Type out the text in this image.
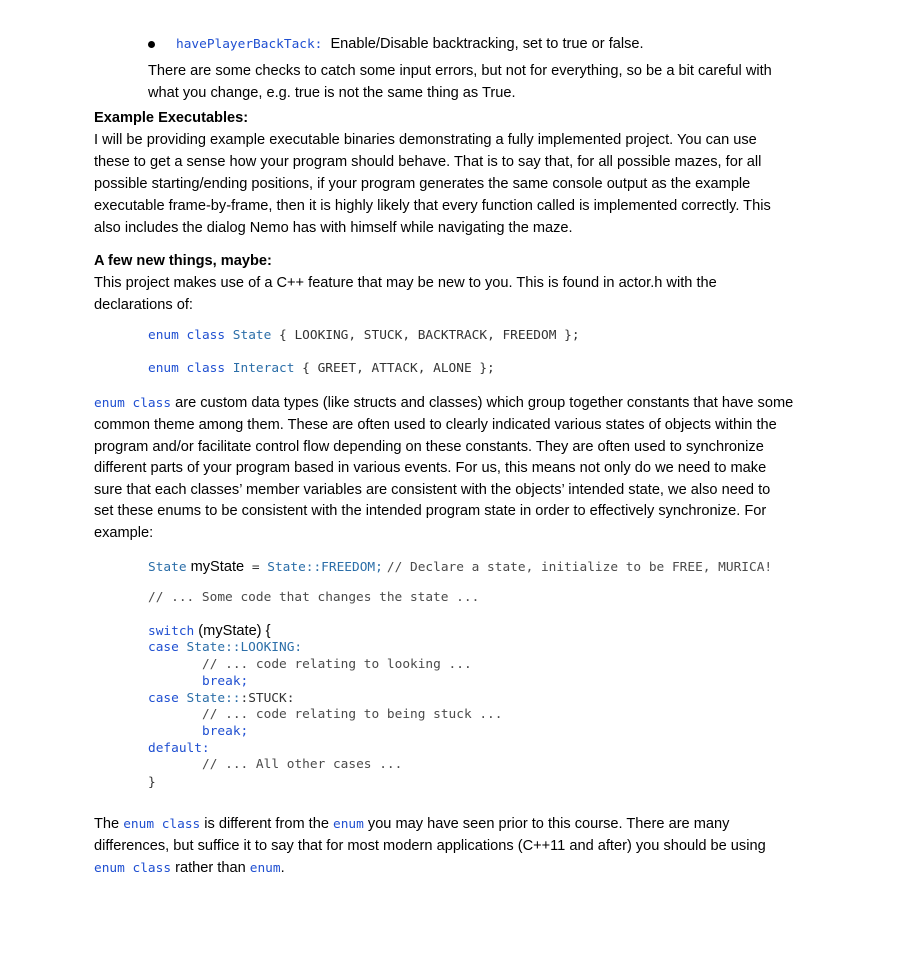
havePlayerBackTack: Enable/Disable backtracking, set to true or false.
There are some checks to catch some input errors, but not for everything, so be a bit careful with
what you change, e.g. true is not the same thing as True.
Example Executables:
I will be providing example executable binaries demonstrating a fully implemented project. You can use
these to get a sense how your program should behave. That is to say that, for all possible mazes, for all
possible starting/ending positions, if your program generates the same console output as the example
executable frame-by-frame, then it is highly likely that every function called is implemented correctly. This
also includes the dialog Nemo has with himself while navigating the maze.
A few new things, maybe:
This project makes use of a C++ feature that may be new to you. This is found in actor.h with the
declarations of:
enum class State { LOOKING, STUCK, BACKTRACK, FREEDOM };
enum class Interact { GREET, ATTACK, ALONE };
enum class are custom data types (like structs and classes) which group together constants that have some
common theme among them. These are often used to clearly indicated various states of objects within the
program and/or facilitate control flow depending on these constants. They are often used to synchronize
different parts of your program based in various events. For us, this means not only do we need to make
sure that each classes’ member variables are consistent with the objects’ intended state, we also need to
set these enums to be consistent with the intended program state in order to effectively synchronize. For
example:
State myState = State::FREEDOM; // Declare a state, initialize to be FREE, MURICA!
// ... Some code that changes the state ...
switch (myState) {
case State::LOOKING:
// ... code relating to looking ...
break;
case State:::STUCK:
// ... code relating to being stuck ...
break;
default:
// ... All other cases ...
}
The enum class is different from the enum you may have seen prior to this course. There are many
differences, but suffice it to say that for most modern applications (C++11 and after) you should be using
enum class rather than enum.
